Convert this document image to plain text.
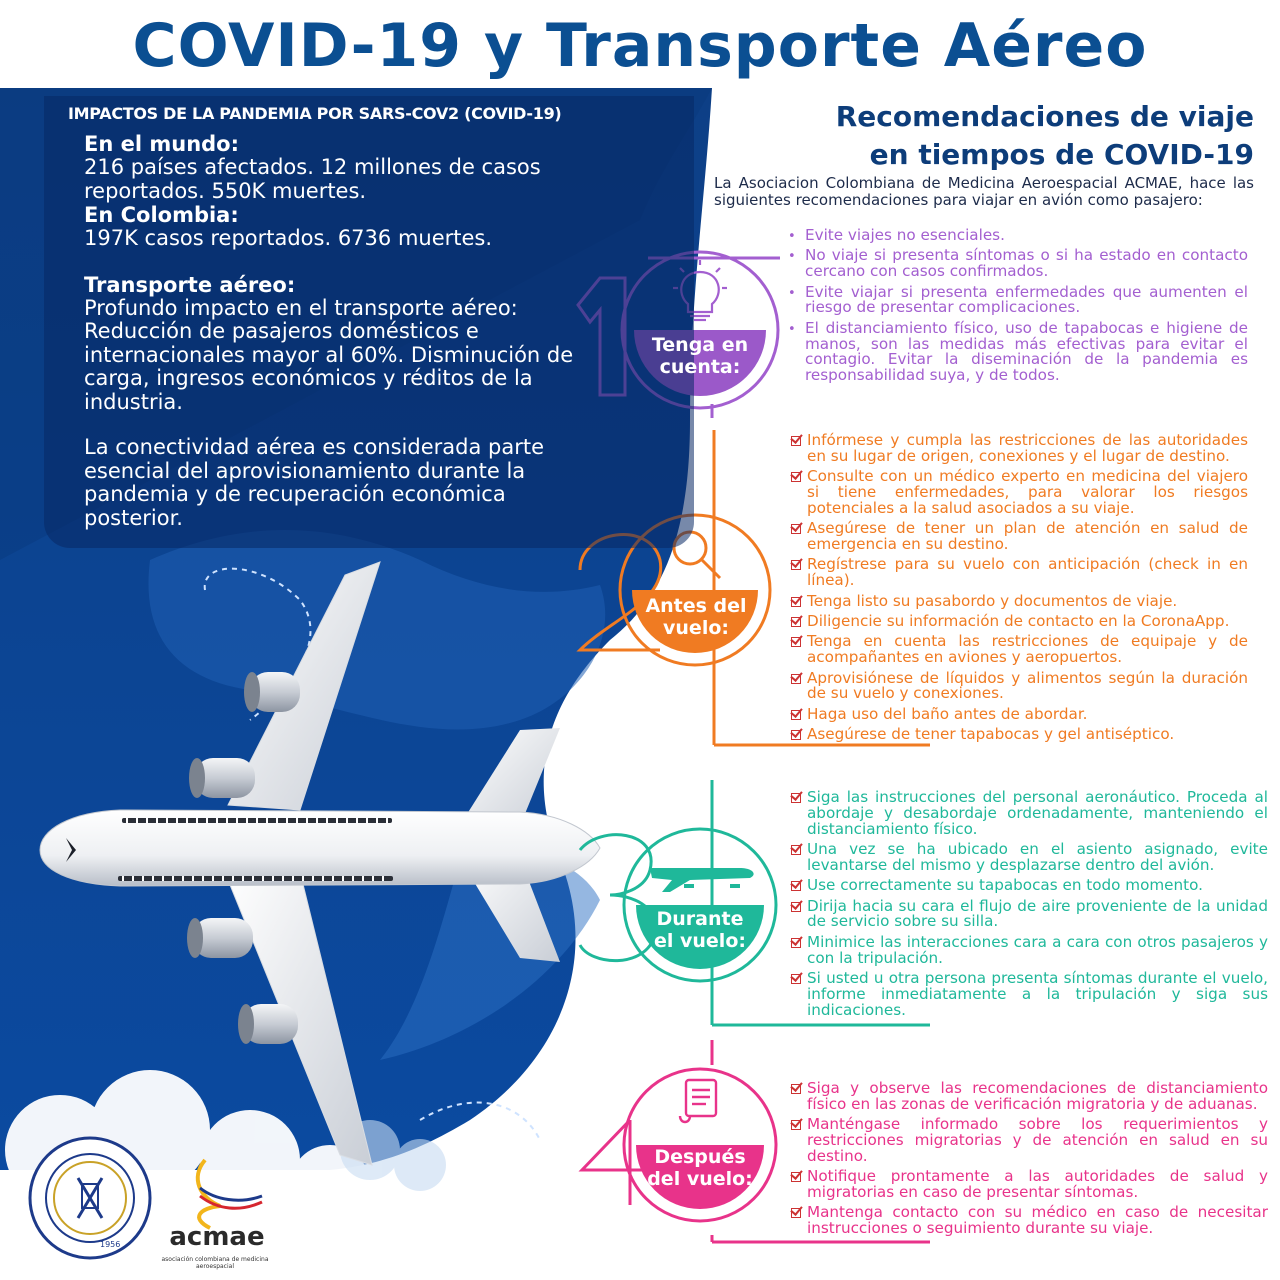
COVID-19 y Transporte Aéreo
IMPACTOS DE LA PANDEMIA POR SARS-COV2 (COVID-19)
En el mundo:
216 países afectados. 12 millones de casos reportados. 550K muertes.
En Colombia:
197K casos reportados. 6736 muertes.
Transporte aéreo:
Profundo impacto en el transporte aéreo: Reducción de pasajeros domésticos e internacionales mayor al 60%. Disminución de carga, ingresos económicos y réditos de la industria.
La conectividad aérea es considerada parte esencial del aprovisionamiento durante la pandemia y de recuperación económica posterior.
Recomendaciones de viaje
en tiempos de COVID-19
La Asociacion Colombiana de Medicina Aeroespacial ACMAE, hace las siguientes recomendaciones para viajar en avión como pasajero:
Tenga en
cuenta:
Antes del
vuelo:
Durante
el vuelo:
Después
del vuelo:
• Evite viajes no esenciales.
• No viaje si presenta síntomas o si ha estado en contacto cercano con casos confirmados.
• Evite viajar si presenta enfermedades que aumenten el riesgo de presentar complicaciones.
• El distanciamiento físico, uso de tapabocas e higiene de manos, son las medidas más efectivas para evitar el contagio. Evitar la diseminación de la pandemia es responsabilidad suya, y de todos.
Infórmese y cumpla las restricciones de las autoridades en su lugar de origen, conexiones y el lugar de destino.
Consulte con un médico experto en medicina del viajero si tiene enfermedades, para valorar los riesgos potenciales a la salud asociados a su viaje.
Asegúrese de tener un plan de atención en salud de emergencia en su destino.
Regístrese para su vuelo con anticipación (check in en línea).
Tenga listo su pasabordo y documentos de viaje.
Diligencie su información de contacto en la CoronaApp.
Tenga en cuenta las restricciones de equipaje y de acompañantes en aviones y aeropuertos.
Aprovisiónese de líquidos y alimentos según la duración de su vuelo y conexiones.
Haga uso del baño antes de abordar.
Asegúrese de tener tapabocas y gel antiséptico.
Siga las instrucciones del personal aeronáutico. Proceda al abordaje y desabordaje ordenadamente, manteniendo el distanciamiento físico.
Una vez se ha ubicado en el asiento asignado, evite levantarse del mismo y desplazarse dentro del avión.
Use correctamente su tapabocas en todo momento.
Dirija hacia su cara el flujo de aire proveniente de la unidad de servicio sobre su silla.
Minimice las interacciones cara a cara con otros pasajeros y con la tripulación.
Si usted u otra persona presenta síntomas durante el vuelo, informe inmediatamente a la tripulación y siga sus indicaciones.
Siga y observe las recomendaciones de distanciamiento físico en las zonas de verificación migratoria y de aduanas.
Manténgase informado sobre los requerimientos y restricciones migratorias y de atención en salud en su destino.
Notifique prontamente a las autoridades de salud y migratorias en caso de presentar síntomas.
Mantenga contacto con su médico en caso de necesitar instrucciones o seguimiento durante su viaje.
1956 acmae
asociación colombiana de medicina aeroespacial
